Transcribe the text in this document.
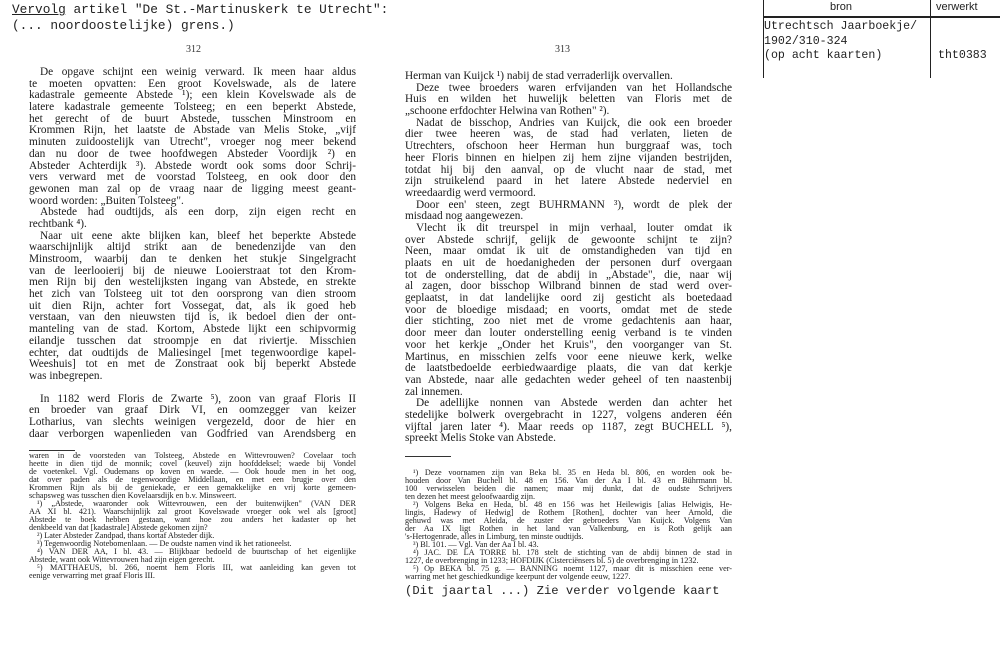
Vervolg artikel "De St.-Martinuskerk te Utrecht":
(... noordoostelijke) grens.)
bron	verwerkt
Utrechtsch Jaarboekje/
1902/310-324
(op acht kaarten)	tht0383
312	313
De opgave schijnt een weinig verward. Ik meen haar aldus
te moeten opvatten: Een groot Kovelswade, als de latere
kadastrale gemeente Abstede ¹); een klein Kovelswade als de
latere kadastrale gemeente Tolsteeg; en een beperkt Abstede,
het gerecht of de buurt Abstede, tusschen Minstroom en
Krommen Rijn, het laatste de Abstade van Melis Stoke, „vijf
minuten zuidoostelijk van Utrecht", vroeger nog meer bekend
dan nu door de twee hoofdwegen Absteder Voordijk ²) en
Absteder Achterdijk ³). Abstede wordt ook soms door Schrij-
vers verward met de voorstad Tolsteeg, en ook door den
gewonen man zal op de vraag naar de ligging meest geant-
woord worden: „Buiten Tolsteeg".
Abstede had oudtijds, als een dorp, zijn eigen recht en
rechtbank ⁴).
Naar uit eene akte blijken kan, bleef het beperkte Abstede
waarschijnlijk altijd strikt aan de benedenzijde van den
Minstroom, waarbij dan te denken het stukje Singelgracht
van de leerlooierij bij de nieuwe Looierstraat tot den Krom-
men Rijn bij den westelijksten ingang van Abstede, en strekte
het zich van Tolsteeg uit tot den oorsprong van dien stroom
uit dien Rijn, achter fort Vossegat, dat, als ik goed heb
verstaan, van den nieuwsten tijd is, ik bedoel dien der ont-
manteling van de stad. Kortom, Abstede lijkt een schipvormig
eilandje tusschen dat stroompje en dat riviertje. Misschien
echter, dat oudtijds de Maliesingel [met tegenwoordige kapel-
Weeshuis] tot en met de Zonstraat ook bij beperkt Abstede
was inbegrepen.
In 1182 werd Floris de Zwarte ⁵), zoon van graaf Floris II
en broeder van graaf Dirk VI, en oomzegger van keizer
Lotharius, van slechts weinigen vergezeld, door de hier en
daar verborgen wapenlieden van Godfried van Arendsberg en
Herman van Kuijck ¹) nabij de stad verraderlijk overvallen.
Deze twee broeders waren erfvijanden van het Hollandsche
Huis en wilden het huwelijk beletten van Floris met de
„schoone erfdochter Helwina van Rothen" ²).
Nadat de bisschop, Andries van Kuijck, die ook een broeder
dier twee heeren was, de stad had verlaten, lieten de
Utrechters, ofschoon heer Herman hun burggraaf was, toch
heer Floris binnen en hielpen zij hem zijne vijanden bestrijden,
totdat hij bij den aanval, op de vlucht naar de stad, met
zijn struikelend paard in het latere Abstede nederviel en
wreedaardig werd vermoord.
Door een' steen, zegt BÜHRMANN ³), wordt de plek der
misdaad nog aangewezen.
Vlecht ik dit treurspel in mijn verhaal, louter omdat ik
over Abstede schrijf, gelijk de gewoonte schijnt te zijn?
Neen, maar omdat ik uit de omstandigheden van tijd en
plaats en uit de hoedanigheden der personen durf overgaan
tot de onderstelling, dat de abdij in „Abstade", die, naar wij
al zagen, door bisschop Wilbrand binnen de stad werd over-
geplaatst, in dat landelijke oord zij gesticht als boetedaad
voor de bloedige misdaad; en voorts, omdat met de stede
dier stichting, zoo niet met de vrome gedachtenis aan haar,
door meer dan louter onderstelling eenig verband is te vinden
voor het kerkje „Onder het Kruis", den voorganger van St.
Martinus, en misschien zelfs voor eene nieuwe kerk, welke
de laatstbedoelde eerbiedwaardige plaats, die van dat kerkje
van Abstede, naar alle gedachten weder geheel of ten naastenbij
zal innemen.
De adellijke nonnen van Abstede werden dan achter het
stedelijke bolwerk overgebracht in 1227, volgens anderen één
vijftal jaren later ⁴). Maar reeds op 1187, zegt BUCHELL ⁵),
spreekt Melis Stoke van Abstede.
waren in de voorsteden van Tolsteeg, Abstede en Wittevrouwen? Covelaar toch
heette in dien tijd de monnik; covel (keuvel) zijn hoofddeksel; waede bij Vondel
de voetenkel. Vgl. Oudemans op koven en waede. — Ook houde men in het oog,
dat over paden als de tegenwoordige Middellaan, en met een brugje over den
Krommen Rijn als bij de geniekade, er een gemakkelijke en vrij korte gemeen-
schapsweg was tusschen dien Kovelaarsdijk en b.v. Minsweert.
¹) „Abstede, waaronder ook Wittevrouwen, een der buitenwijken" (VAN DER
AA XI bl. 421). Waarschijnlijk zal groot Kovelswade vroeger ook wel als [groot]
Abstede te boek hebben gestaan, want hoe zou anders het kadaster op het
denkbeeld van dat [kadastrale] Abstede gekomen zijn?
²) Later Absteder Zandpad, thans kortaf Absteder dijk.
³) Tegenwoordig Notebomenlaan. — De oudste namen vind ik het rationeelst.
⁴) VAN DER AA, I bl. 43. — Blijkbaar bedoeld de buurtschap of het eigenlijke
Abstede, want ook Wittevrouwen had zijn eigen gerecht.
⁵) MATTHAEUS, bl. 266, noemt hem Floris III, wat aanleiding kan geven tot
eenige verwarring met graaf Floris III.
¹) Deze voornamen zijn van Beka bl. 35 en Heda bl. 806, en worden ook be-
houden door Van Buchell bl. 48 en 156. Van der Aa I bl. 43 en Bührmann bl.
100 verwisselen beiden die namen; maar mij dunkt, dat de oudste Schrijvers
ten dezen het meest geloofwaardig zijn.
²) Volgens Beka en Heda, bl. 48 en 156 was het Heilewigis [alias Helwigis, He-
lingis, Hadewy of Hedwig] de Rothem [Rothen], dochter van heer Arnold, die
gehuwd was met Aleida, de zuster der gebroeders Van Kuijck. Volgens Van
der Aa IX ligt Rothen in het land van Valkenburg, en is Roth gelijk aan
's-Hertogenrade, alles in Limburg, ten minste oudtijds.
³) Bl. 101. — Vgl. Van der Aa I bl. 43.
⁴) JAC. DE LA TORRE bl. 178 stelt de stichting van de abdij binnen de stad in
1227, de overbrenging in 1233; HOFDIJK (Cisterciënsers bl. 5) de overbrenging in 1232.
⁵) Op BEKA bl. 75 g. — BANNING noemt 1127, maar dit is misschien eene ver-
warring met het geschiedkundige keerpunt der volgende eeuw, 1227.
(Dit jaartal ...) Zie verder volgende kaart
